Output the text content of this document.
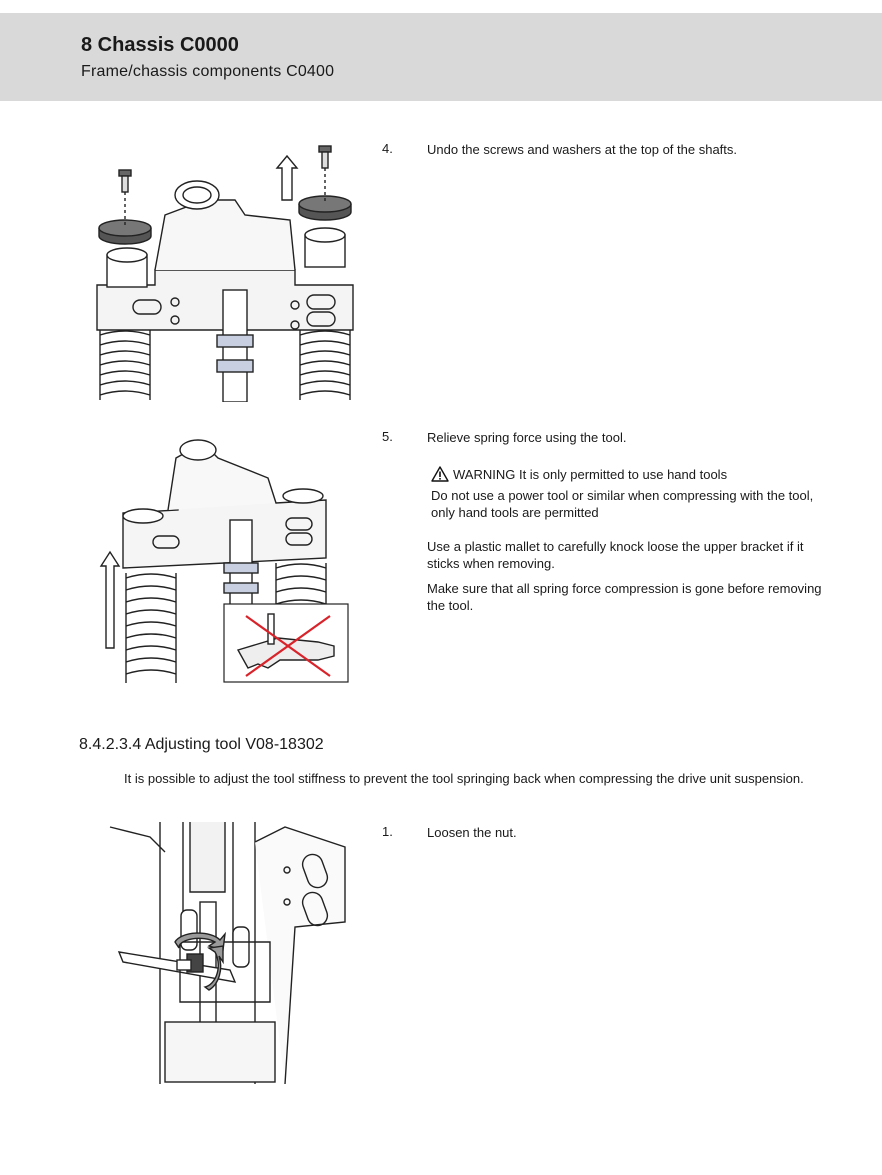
8 Chassis C0000
Frame/chassis components C0400
4.	Undo the screws and washers at the top of the shafts.
5.	Relieve spring force using the tool.
WARNING It is only permitted to use hand tools
Do not use a power tool or similar when compressing with the tool, only hand tools are permitted
Use a plastic mallet to carefully knock loose the upper bracket if it sticks when removing.
Make sure that all spring force compression is gone before removing the tool.
8.4.2.3.4 Adjusting tool V08-18302
It is possible to adjust the tool stiffness to prevent the tool springing back when compressing the drive unit suspension.
1.	Loosen the nut.
